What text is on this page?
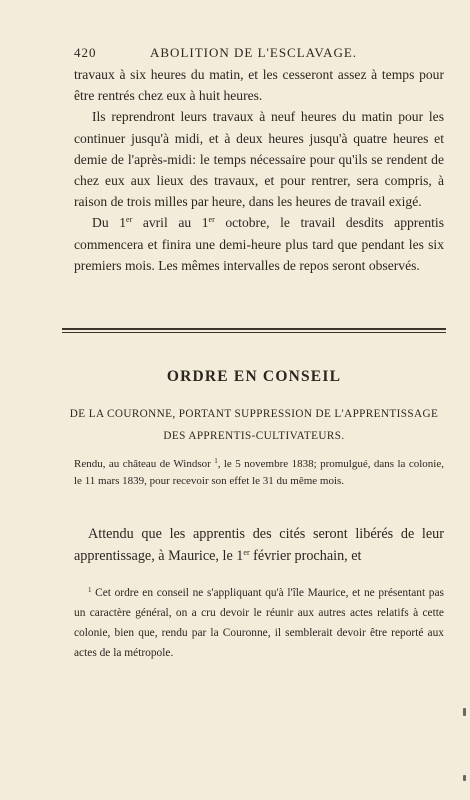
420	ABOLITION DE L'ESCLAVAGE.

travaux à six heures du matin, et les cesseront assez à temps pour être rentrés chez eux à huit heures.

Ils reprendront leurs travaux à neuf heures du matin pour les continuer jusqu'à midi, et à deux heures jusqu'à quatre heures et demie de l'après-midi: le temps nécessaire pour qu'ils se rendent de chez eux aux lieux des travaux, et pour rentrer, sera compris, à raison de trois milles par heure, dans les heures de travail exigé.

Du 1er avril au 1er octobre, le travail desdits apprentis commencera et finira une demi-heure plus tard que pendant les six premiers mois. Les mêmes intervalles de repos seront observés.

ORDRE EN CONSEIL
DE LA COURONNE, PORTANT SUPPRESSION DE L'APPRENTISSAGE
DES APPRENTIS-CULTIVATEURS.
Rendu, au château de Windsor $^1$, le 5 novembre 1838; promulgué, dans la colonie, le 11 mars 1839, pour recevoir son effet le 31 du même mois.
Attendu que les apprentis des cités seront libérés de leur apprentissage, à Maurice, le 1er février prochain, et
$^1$ Cet ordre en conseil ne s'appliquant qu'à l'île Maurice, et ne présentant pas un caractère général, on a cru devoir le réunir aux autres actes relatifs à cette colonie, bien que, rendu par la Couronne, il semblerait devoir être reporté aux actes de la métropole.
